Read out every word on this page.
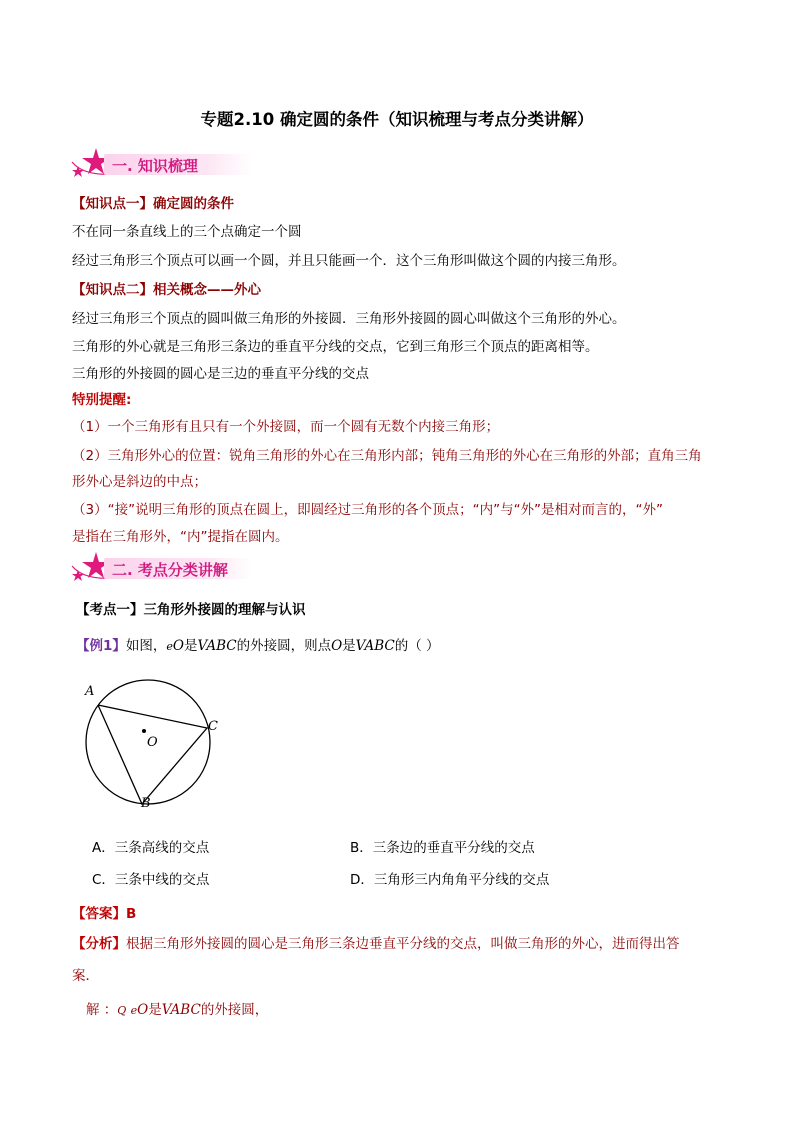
专题2.10 确定圆的条件（知识梳理与考点分类讲解）
一. 知识梳理
【知识点一】确定圆的条件
不在同一条直线上的三个点确定一个圆
经过三角形三个顶点可以画一个圆，并且只能画一个．这个三角形叫做这个圆的内接三角形。
【知识点二】相关概念——外心
经过三角形三个顶点的圆叫做三角形的外接圆．三角形外接圆的圆心叫做这个三角形的外心。
三角形的外心就是三角形三条边的垂直平分线的交点，它到三角形三个顶点的距离相等。
三角形的外接圆的圆心是三边的垂直平分线的交点
特别提醒:
（1）一个三角形有且只有一个外接圆，而一个圆有无数个内接三角形；
（2）三角形外心的位置：锐角三角形的外心在三角形内部；钝角三角形的外心在三角形的外部；直角三角
形外心是斜边的中点；
（3）“接”说明三角形的顶点在圆上，即圆经过三角形的各个顶点；“内”与“外”是相对而言的，“外”
是指在三角形外，“内”提指在圆内。
二. 考点分类讲解
【考点一】三角形外接圆的理解与认识
【例1】如图，eO是VABC的外接圆，则点O是VABC的（ ）
A
C
B
O
A．三条高线的交点	B．三条边的垂直平分线的交点
C．三条中线的交点	D．三角形三内角角平分线的交点
【答案】B
【分析】根据三角形外接圆的圆心是三角形三条边垂直平分线的交点，叫做三角形的外心，进而得出答
案．
解 ：Q eO是VABC的外接圆，
